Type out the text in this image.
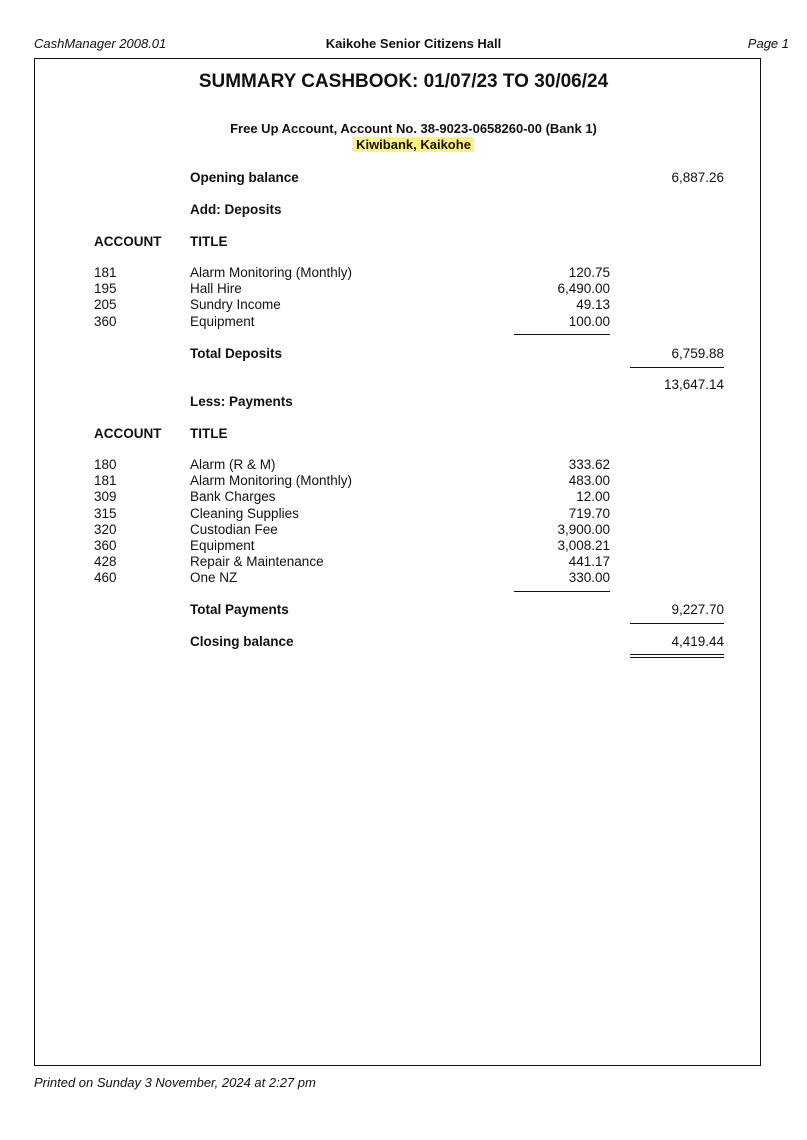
CashManager 2008.01	Kaikohe Senior Citizens Hall	Page 1
SUMMARY CASHBOOK: 01/07/23 TO 30/06/24
Free Up Account, Account No. 38-9023-0658260-00 (Bank 1)
Kiwibank, Kaikohe
Opening balance	6,887.26
Add: Deposits
ACCOUNT TITLE
181	Alarm Monitoring (Monthly)	120.75
195	Hall Hire	6,490.00
205	Sundry Income	49.13
360	Equipment	100.00
Total Deposits	6,759.88
13,647.14
Less: Payments
ACCOUNT TITLE
180	Alarm (R & M)	333.62
181	Alarm Monitoring (Monthly)	483.00
309	Bank Charges	12.00
315	Cleaning Supplies	719.70
320	Custodian Fee	3,900.00
360	Equipment	3,008.21
428	Repair & Maintenance	441.17
460	One NZ	330.00
Total Payments	9,227.70
Closing balance	4,419.44
Printed on Sunday 3 November, 2024 at 2:27 pm
